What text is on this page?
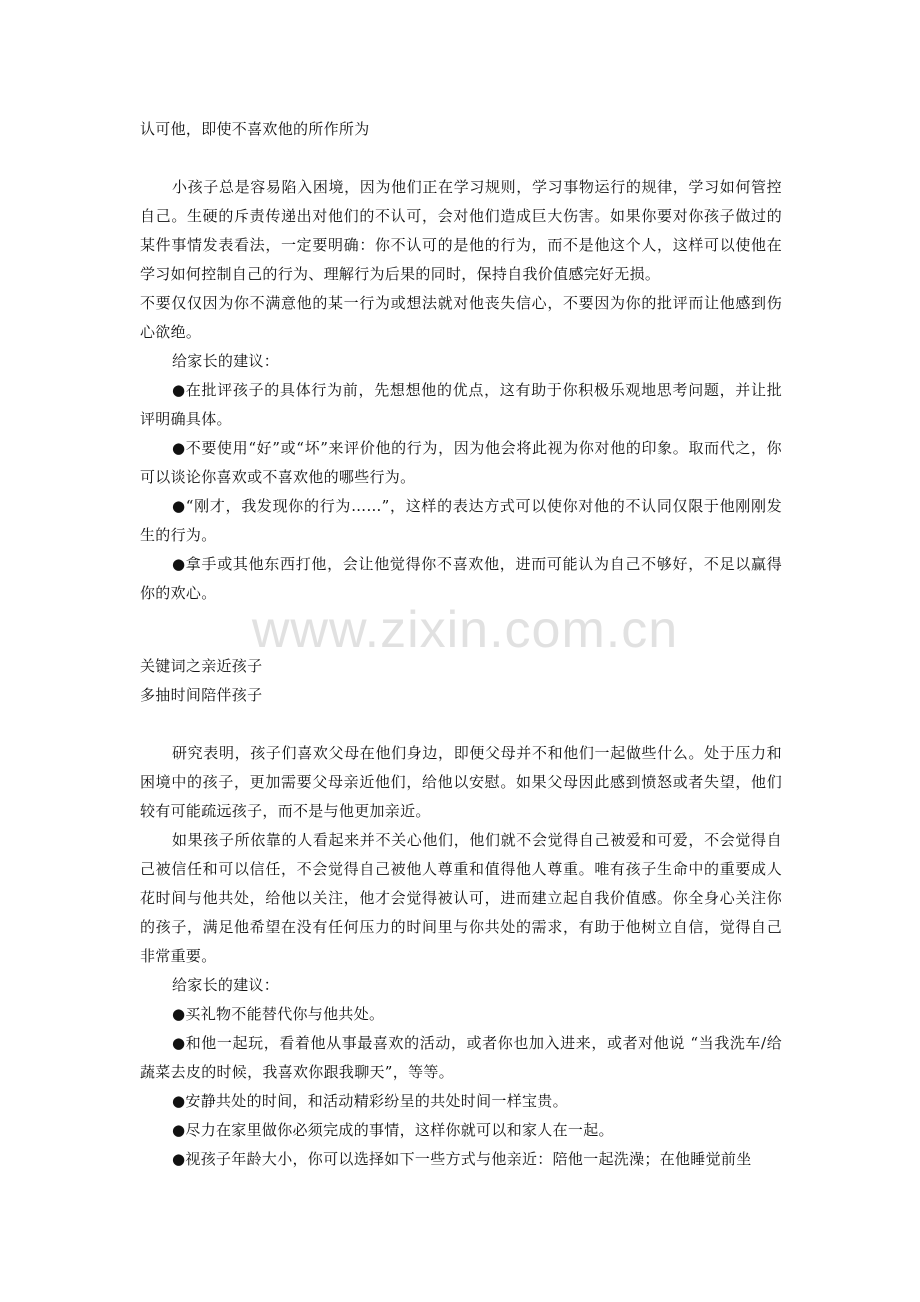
认可他，即使不喜欢他的所作所为

小孩子总是容易陷入困境，因为他们正在学习规则，学习事物运行的规律，学习如何管控自己。生硬的斥责传递出对他们的不认可，会对他们造成巨大伤害。如果你要对你孩子做过的某件事情发表看法，一定要明确：你不认可的是他的行为，而不是他这个人，这样可以使他在学习如何控制自己的行为、理解行为后果的同时，保持自我价值感完好无损。

不要仅仅因为你不满意他的某一行为或想法就对他丧失信心，不要因为你的批评而让他感到伤心欲绝。

给家长的建议：

●在批评孩子的具体行为前，先想想他的优点，这有助于你积极乐观地思考问题，并让批评明确具体。

●不要使用“好”或“坏”来评价他的行为，因为他会将此视为你对他的印象。取而代之，你可以谈论你喜欢或不喜欢他的哪些行为。

●“刚才，我发现你的行为……”，这样的表达方式可以使你对他的不认同仅限于他刚刚发生的行为。

●拿手或其他东西打他，会让他觉得你不喜欢他，进而可能认为自己不够好，不足以赢得你的欢心。

www.zixin.com.cn

关键词之亲近孩子

多抽时间陪伴孩子

研究表明，孩子们喜欢父母在他们身边，即便父母并不和他们一起做些什么。处于压力和困境中的孩子，更加需要父母亲近他们，给他以安慰。如果父母因此感到愤怒或者失望，他们较有可能疏远孩子，而不是与他更加亲近。

如果孩子所依靠的人看起来并不关心他们，他们就不会觉得自己被爱和可爱，不会觉得自己被信任和可以信任，不会觉得自己被他人尊重和值得他人尊重。唯有孩子生命中的重要成人花时间与他共处，给他以关注，他才会觉得被认可，进而建立起自我价值感。你全身心关注你的孩子，满足他希望在没有任何压力的时间里与你共处的需求，有助于他树立自信，觉得自己非常重要。

给家长的建议：

●买礼物不能替代你与他共处。

●和他一起玩，看着他从事最喜欢的活动，或者你也加入进来，或者对他说 “当我洗车/给蔬菜去皮的时候，我喜欢你跟我聊天”，等等。

●安静共处的时间，和活动精彩纷呈的共处时间一样宝贵。

●尽力在家里做你必须完成的事情，这样你就可以和家人在一起。

●视孩子年龄大小，你可以选择如下一些方式与他亲近：陪他一起洗澡；在他睡觉前坐
